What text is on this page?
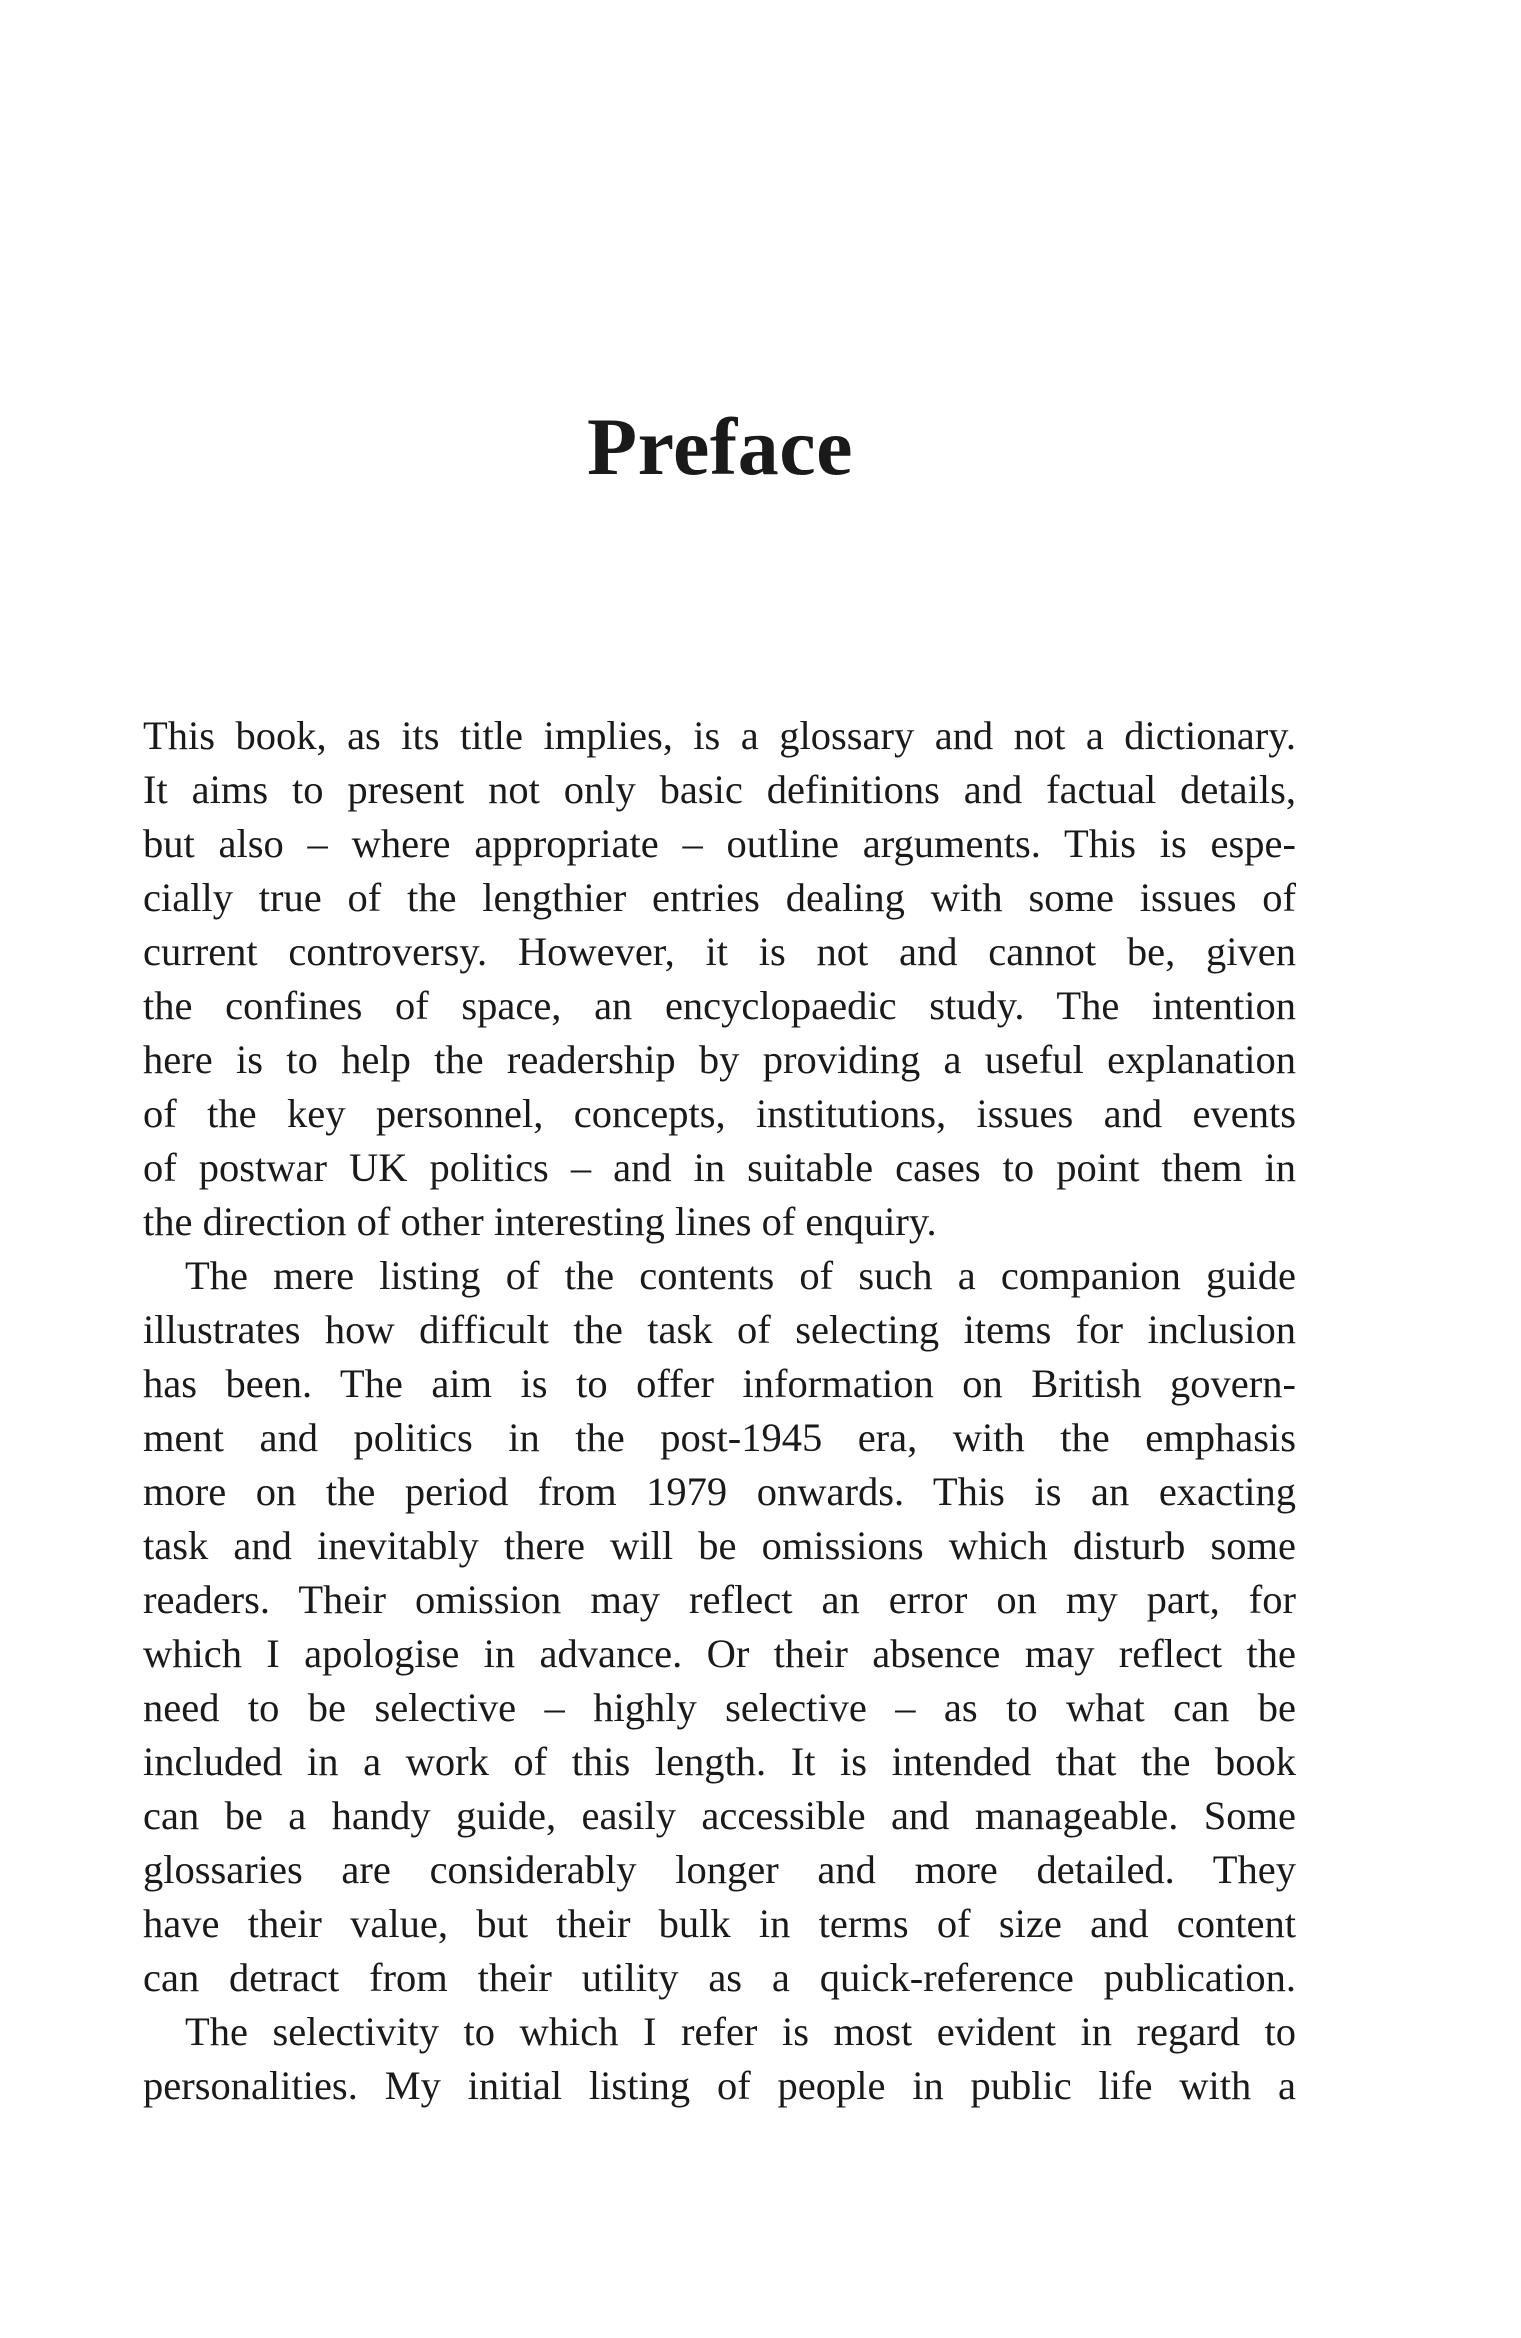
Preface
This book, as its title implies, is a glossary and not a dictionary.
It aims to present not only basic definitions and factual details,
but also – where appropriate – outline arguments. This is espe-
cially true of the lengthier entries dealing with some issues of
current controversy. However, it is not and cannot be, given
the confines of space, an encyclopaedic study. The intention
here is to help the readership by providing a useful explanation
of the key personnel, concepts, institutions, issues and events
of postwar UK politics – and in suitable cases to point them in
the direction of other interesting lines of enquiry.
The mere listing of the contents of such a companion guide
illustrates how difficult the task of selecting items for inclusion
has been. The aim is to offer information on British govern-
ment and politics in the post-1945 era, with the emphasis
more on the period from 1979 onwards. This is an exacting
task and inevitably there will be omissions which disturb some
readers. Their omission may reflect an error on my part, for
which I apologise in advance. Or their absence may reflect the
need to be selective – highly selective – as to what can be
included in a work of this length. It is intended that the book
can be a handy guide, easily accessible and manageable. Some
glossaries are considerably longer and more detailed. They
have their value, but their bulk in terms of size and content
can detract from their utility as a quick-reference publication.
The selectivity to which I refer is most evident in regard to
personalities. My initial listing of people in public life with a
